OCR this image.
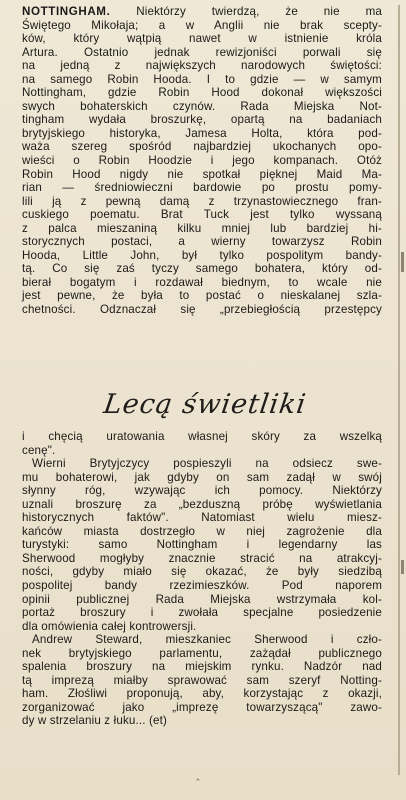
NOTTINGHAM. Niektórzy twierdzą, że nie ma
Świętego Mikołaja; a w Anglii nie brak scepty-
ków, który wątpią nawet w istnienie króla
Artura. Ostatnio jednak rewizjoniści porwali się
na jedną z największych narodowych świętości:
na samego Robin Hooda. I to gdzie — w samym
Nottingham, gdzie Robin Hood dokonał większości
swych bohaterskich czynów. Rada Miejska Not-
tingham wydała broszurkę, opartą na badaniach
brytyjskiego historyka, Jamesa Holta, która pod-
waża szereg spośród najbardziej ukochanych opo-
wieści o Robin Hoodzie i jego kompanach. Otóż
Robin Hood nigdy nie spotkał pięknej Maid Ma-
rian — średniowieczni bardowie po prostu pomy-
lili ją z pewną damą z trzynastowiecznego fran-
cuskiego poematu. Brat Tuck jest tylko wyssaną
z palca mieszaniną kilku mniej lub bardziej hi-
storycznych postaci, a wierny towarzysz Robin
Hooda, Little John, był tylko pospolitym bandy-
tą. Co się zaś tyczy samego bohatera, który od-
bierał bogatym i rozdawał biednym, to wcale nie
jest pewne, że była to postać o nieskalanej szla-
chetności. Odznaczał się „przebiegłością przestępcy
Lecą świetliki
i chęcią uratowania własnej skóry za wszelką
cenę".
Wierni Brytyjczycy pospieszyli na odsiecz swe-
mu bohaterowi, jak gdyby on sam zadął w swój
słynny róg, wzywając ich pomocy. Niektórzy
uznali broszurę za „bezduszną próbę wyświetlania
historycznych faktów". Natomiast wielu miesz-
kańców miasta dostrzegło w niej zagrożenie dla
turystyki: samo Nottingham i legendarny las
Sherwood mogłyby znacznie stracić na atrakcyj-
ności, gdyby miało się okazać, że były siedzibą
pospolitej bandy rzezimieszków. Pod naporem
opinii publicznej Rada Miejska wstrzymała kol-
portaż broszury i zwołała specjalne posiedzenie
dla omówienia całej kontrowersji.
Andrew Steward, mieszkaniec Sherwood i czło-
nek brytyjskiego parlamentu, zażądał publicznego
spalenia broszury na miejskim rynku. Nadzór nad
tą imprezą miałby sprawować sam szeryf Notting-
ham. Złośliwi proponują, aby, korzystając z okazji,
zorganizować jako „imprezę towarzyszącą" zawo-
dy w strzelaniu z łuku... (et)
‸
